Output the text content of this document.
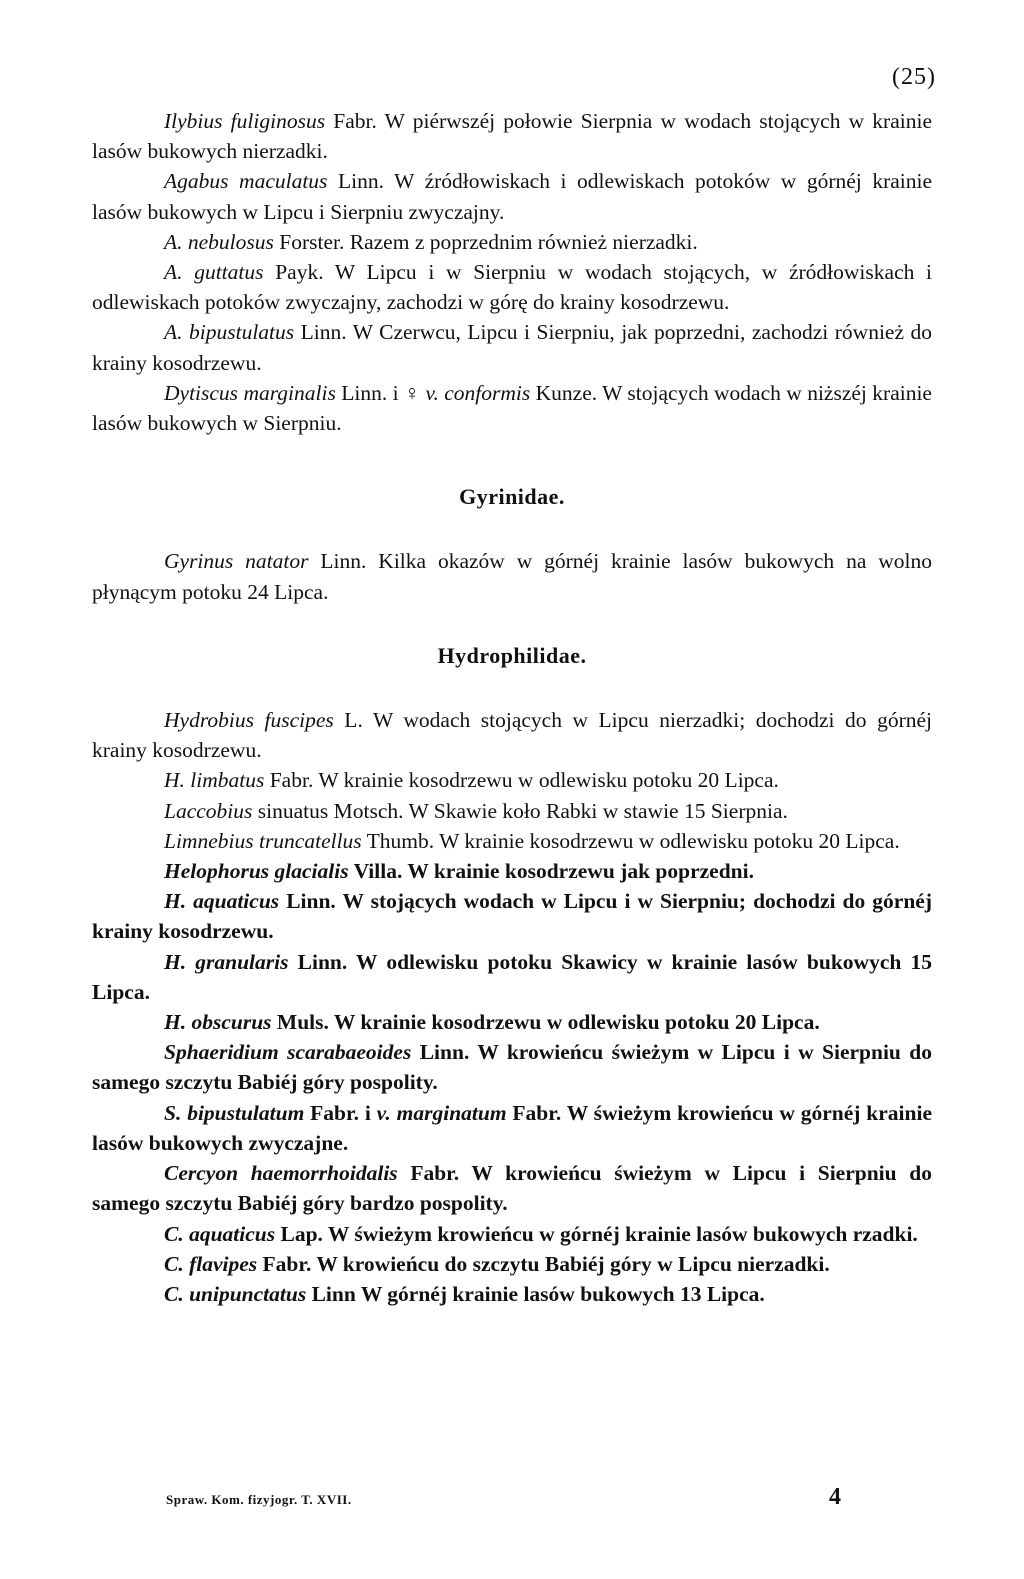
(25)

Ilybius fuliginosus Fabr. W piérwszéj połowie Sierpnia w wodach stojących w krainie lasów bukowych nierzadki.

Agabus maculatus Linn. W źródłowiskach i odlewiskach potoków w górnéj krainie lasów bukowych w Lipcu i Sierpniu zwyczajny.

A. nebulosus Forster. Razem z poprzednim również nierzadki.

A. guttatus Payk. W Lipcu i w Sierpniu w wodach stojących, w źródłowiskach i odlewiskach potoków zwyczajny, zachodzi w górę do krainy kosodrzewu.

A. bipustulatus Linn. W Czerwcu, Lipcu i Sierpniu, jak poprzedni, zachodzi również do krainy kosodrzewu.

Dytiscus marginalis Linn. i ♀ v. conformis Kunze. W stojących wodach w niższéj krainie lasów bukowych w Sierpniu.

Gyrinidae.

Gyrinus natator Linn. Kilka okazów w górnéj krainie lasów bukowych na wolno płynącym potoku 24 Lipca.

Hydrophilidae.

Hydrobius fuscipes L. W wodach stojących w Lipcu nierzadki; dochodzi do górnéj krainy kosodrzewu.

H. limbatus Fabr. W krainie kosodrzewu w odlewisku potoku 20 Lipca.

Laccobius sinuatus Motsch. W Skawie koło Rabki w stawie 15 Sierpnia.

Limnebius truncatellus Thumb. W krainie kosodrzewu w odlewisku potoku 20 Lipca.

Helophorus glacialis Villa. W krainie kosodrzewu jak poprzedni.

H. aquaticus Linn. W stojących wodach w Lipcu i w Sierpniu; dochodzi do górnéj krainy kosodrzewu.

H. granularis Linn. W odlewisku potoku Skawicy w krainie lasów bukowych 15 Lipca.

H. obscurus Muls. W krainie kosodrzewu w odlewisku potoku 20 Lipca.

Sphaeridium scarabaeoides Linn. W krowieńcu świeżym w Lipcu i w Sierpniu do samego szczytu Babiéj góry pospolity.

S. bipustulatum Fabr. i v. marginatum Fabr. W świeżym krowieńcu w górnéj krainie lasów bukowych zwyczajne.

Cercyon haemorrhoidalis Fabr. W krowieńcu świeżym w Lipcu i Sierpniu do samego szczytu Babiéj góry bardzo pospolity.

C. aquaticus Lap. W świeżym krowieńcu w górnéj krainie lasów bukowych rzadki.

C. flavipes Fabr. W krowieńcu do szczytu Babiéj góry w Lipcu nierzadki.

C. unipunctatus Linn W górnéj krainie lasów bukowych 13 Lipca.

Spraw. Kom. fizyjogr. T. XVII.	4
